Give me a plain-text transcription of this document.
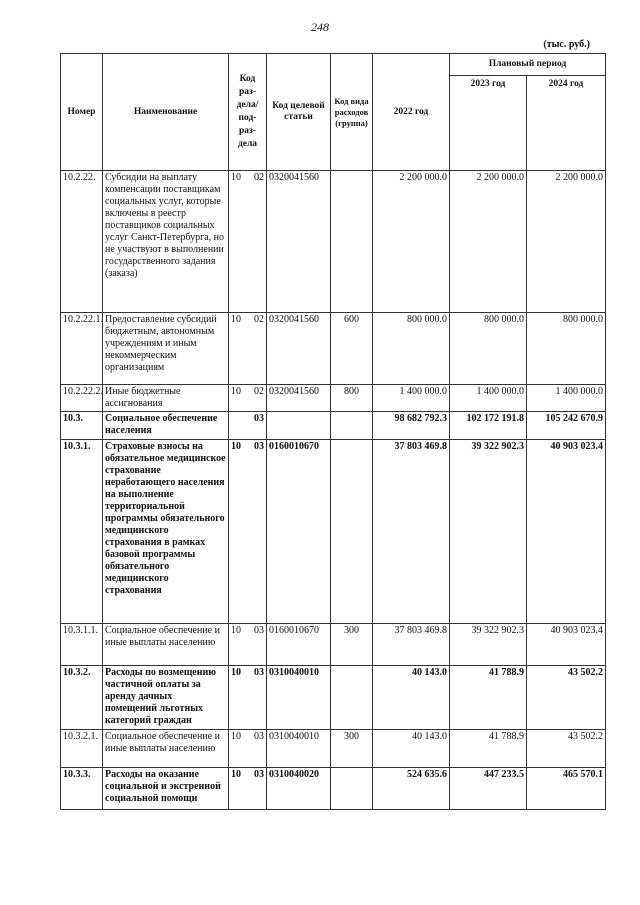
248
(тыс. руб.)
Номер	Наименование	Код раз-дела/ под-раз-дела		Код целевой статьи	Код вида расходов (группа)	2022 год	Плановый период	
							2023 год	2024 год
10.2.22.	Субсидии на выплату компенсации поставщикам социальных услуг, которые включены в реестр поставщиков социальных услуг Санкт-Петербурга, но не участвуют в выполнении государственного задания (заказа)	10	02	0320041560		2 200 000.0	2 200 000.0	2 200 000.0
10.2.22.1.	Предоставление субсидий бюджетным, автономным учреждениям и иным некоммерческим организациям	10	02	0320041560	600	800 000.0	800 000.0	800 000.0
10.2.22.2.	Иные бюджетные ассигнования	10	02	0320041560	800	1 400 000.0	1 400 000.0	1 400 000.0
10.3.	Социальное обеспечение населения		03			98 682 792.3	102 172 191.8	105 242 670.9
10.3.1.	Страховые взносы на обязательное медицинское страхование неработающего населения на выполнение территориальной программы обязательного медицинского страхования в рамках базовой программы обязательного медицинского страхования	10	03	0160010670		37 803 469.8	39 322 902.3	40 903 023.4
10.3.1.1.	Социальное обеспечение и иные выплаты населению	10	03	0160010670	300	37 803 469.8	39 322 902.3	40 903 023.4
10.3.2.	Расходы по возмещению частичной оплаты за аренду дачных помещений льготных категорий граждан	10	03	0310040010		40 143.0	41 788.9	43 502.2
10.3.2.1.	Социальное обеспечение и иные выплаты населению	10	03	0310040010	300	40 143.0	41 788.9	43 502.2
10.3.3.	Расходы на оказание социальной и экстренной социальной помощи	10	03	0310040020		524 635.6	447 233.5	465 570.1
